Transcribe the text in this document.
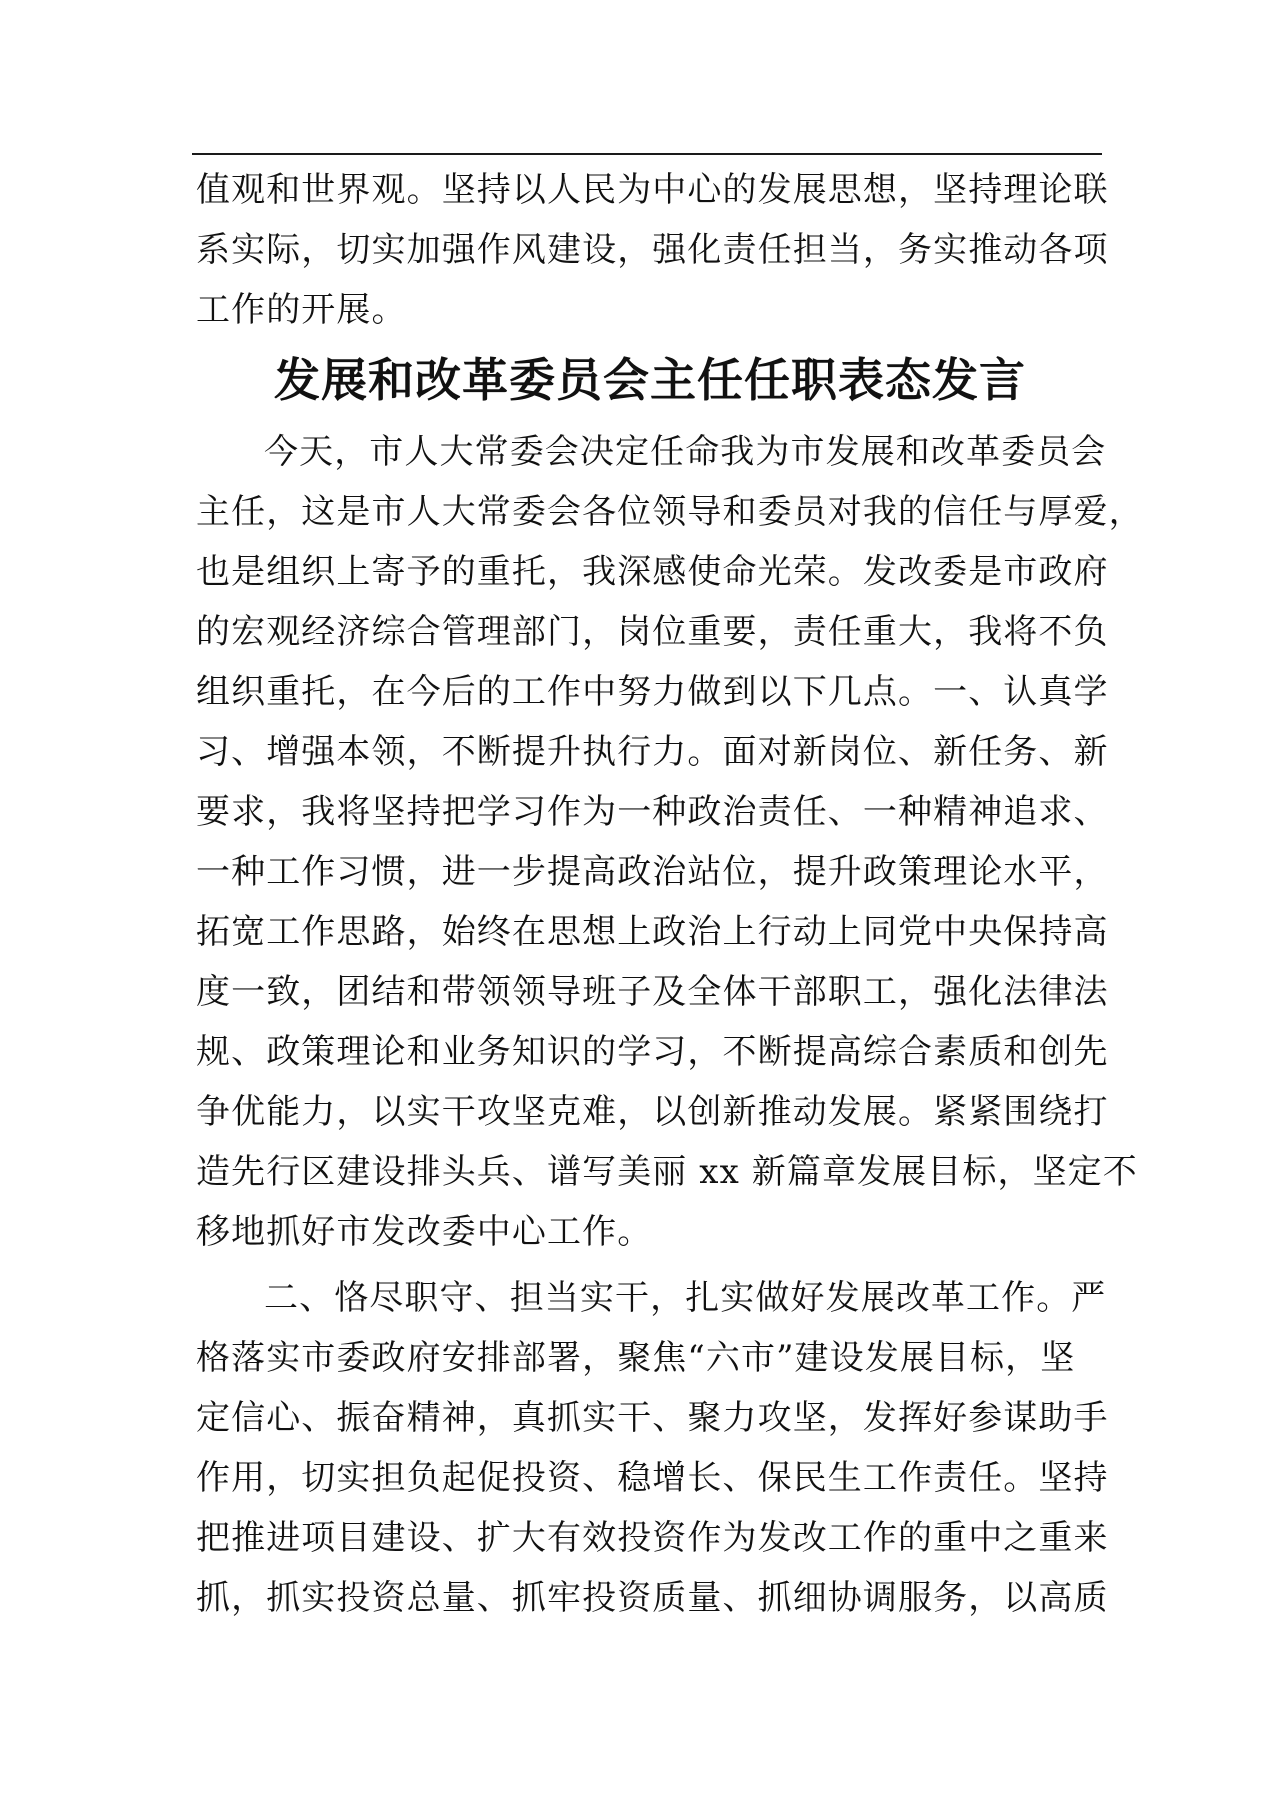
值观和世界观。坚持以人民为中心的发展思想，坚持理论联
系实际，切实加强作风建设，强化责任担当，务实推动各项
工作的开展。
发展和改革委员会主任任职表态发言
今天，市人大常委会决定任命我为市发展和改革委员会
主任，这是市人大常委会各位领导和委员对我的信任与厚爱，
也是组织上寄予的重托，我深感使命光荣。发改委是市政府
的宏观经济综合管理部门，岗位重要，责任重大，我将不负
组织重托，在今后的工作中努力做到以下几点。一、认真学
习、增强本领，不断提升执行力。面对新岗位、新任务、新
要求，我将坚持把学习作为一种政治责任、一种精神追求、
一种工作习惯，进一步提高政治站位，提升政策理论水平，
拓宽工作思路，始终在思想上政治上行动上同党中央保持高
度一致，团结和带领领导班子及全体干部职工，强化法律法
规、政策理论和业务知识的学习，不断提高综合素质和创先
争优能力，以实干攻坚克难，以创新推动发展。紧紧围绕打
造先行区建设排头兵、谱写美丽 xx 新篇章发展目标，坚定不
移地抓好市发改委中心工作。
二、恪尽职守、担当实干，扎实做好发展改革工作。严
格落实市委政府安排部署，聚焦“六市”建设发展目标，坚
定信心、振奋精神，真抓实干、聚力攻坚，发挥好参谋助手
作用，切实担负起促投资、稳增长、保民生工作责任。坚持
把推进项目建设、扩大有效投资作为发改工作的重中之重来
抓，抓实投资总量、抓牢投资质量、抓细协调服务，以高质
